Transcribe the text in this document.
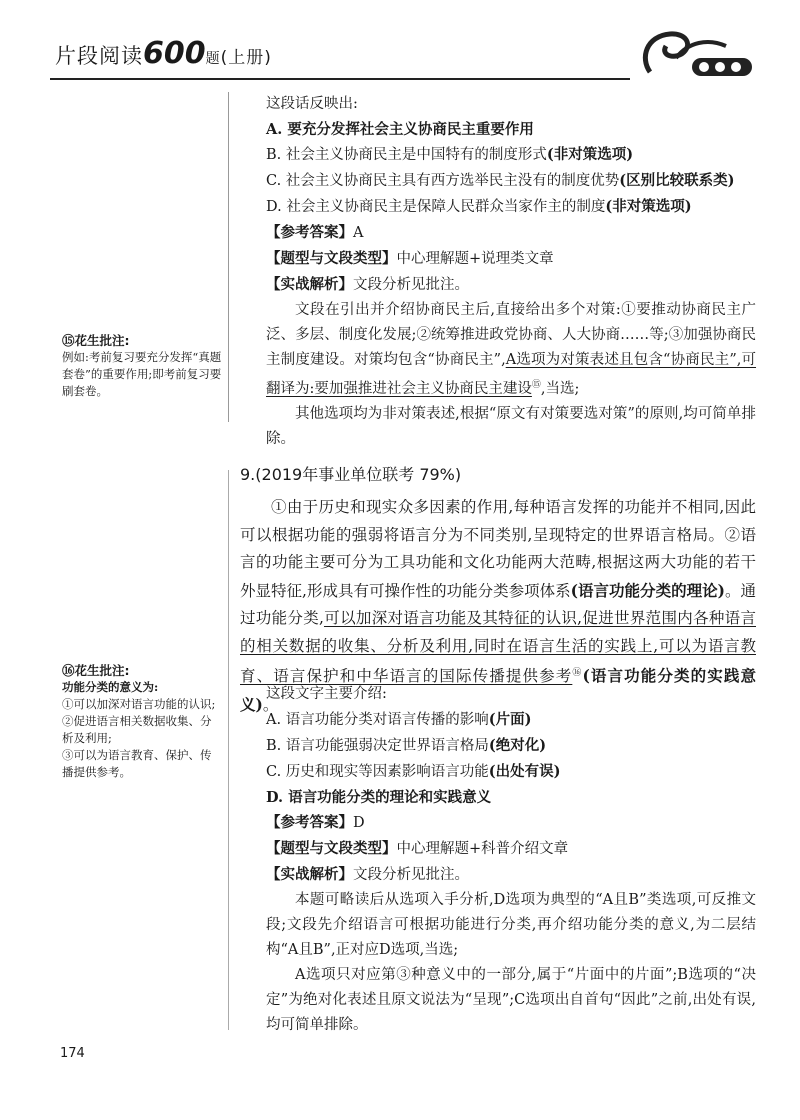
片段阅读600题(上册)
这段话反映出:
A. 要充分发挥社会主义协商民主重要作用
B. 社会主义协商民主是中国特有的制度形式(非对策选项)
C. 社会主义协商民主具有西方选举民主没有的制度优势(区别比较联系类)
D. 社会主义协商民主是保障人民群众当家作主的制度(非对策选项)
【参考答案】A
【题型与文段类型】中心理解题+说理类文章
【实战解析】文段分析见批注。
文段在引出并介绍协商民主后,直接给出多个对策:①要推动协商民主广泛、多层、制度化发展;②统筹推进政党协商、人大协商……等;③加强协商民主制度建设。对策均包含“协商民主”,A选项为对策表述且包含“协商民主”,可翻译为:要加强推进社会主义协商民主建设⑮,当选;
其他选项均为非对策表述,根据“原文有对策要选对策”的原则,均可简单排除。
⑮花生批注:
例如:考前复习要充分发挥“真题套卷”的重要作用;即考前复习要刷套卷。
9.(2019年事业单位联考 79%)
①由于历史和现实众多因素的作用,每种语言发挥的功能并不相同,因此可以根据功能的强弱将语言分为不同类别,呈现特定的世界语言格局。②语言的功能主要可分为工具功能和文化功能两大范畴,根据这两大功能的若干外显特征,形成具有可操作性的功能分类参项体系(语言功能分类的理论)。通过功能分类,可以加深对语言功能及其特征的认识,促进世界范围内各种语言的相关数据的收集、分析及利用,同时在语言生活的实践上,可以为语言教育、语言保护和中华语言的国际传播提供参考⑯(语言功能分类的实践意义)。
这段文字主要介绍:
A. 语言功能分类对语言传播的影响(片面)
B. 语言功能强弱决定世界语言格局(绝对化)
C. 历史和现实等因素影响语言功能(出处有误)
D. 语言功能分类的理论和实践意义
【参考答案】D
【题型与文段类型】中心理解题+科普介绍文章
【实战解析】文段分析见批注。
本题可略读后从选项入手分析,D选项为典型的“A且B”类选项,可反推文段;文段先介绍语言可根据功能进行分类,再介绍功能分类的意义,为二层结构“A且B”,正对应D选项,当选;
A选项只对应第③种意义中的一部分,属于“片面中的片面”;B选项的“决定”为绝对化表述且原文说法为“呈现”;C选项出自首句“因此”之前,出处有误,均可简单排除。
⑯花生批注:
功能分类的意义为:
①可以加深对语言功能的认识;
②促进语言相关数据收集、分析及利用;
③可以为语言教育、保护、传播提供参考。
174
